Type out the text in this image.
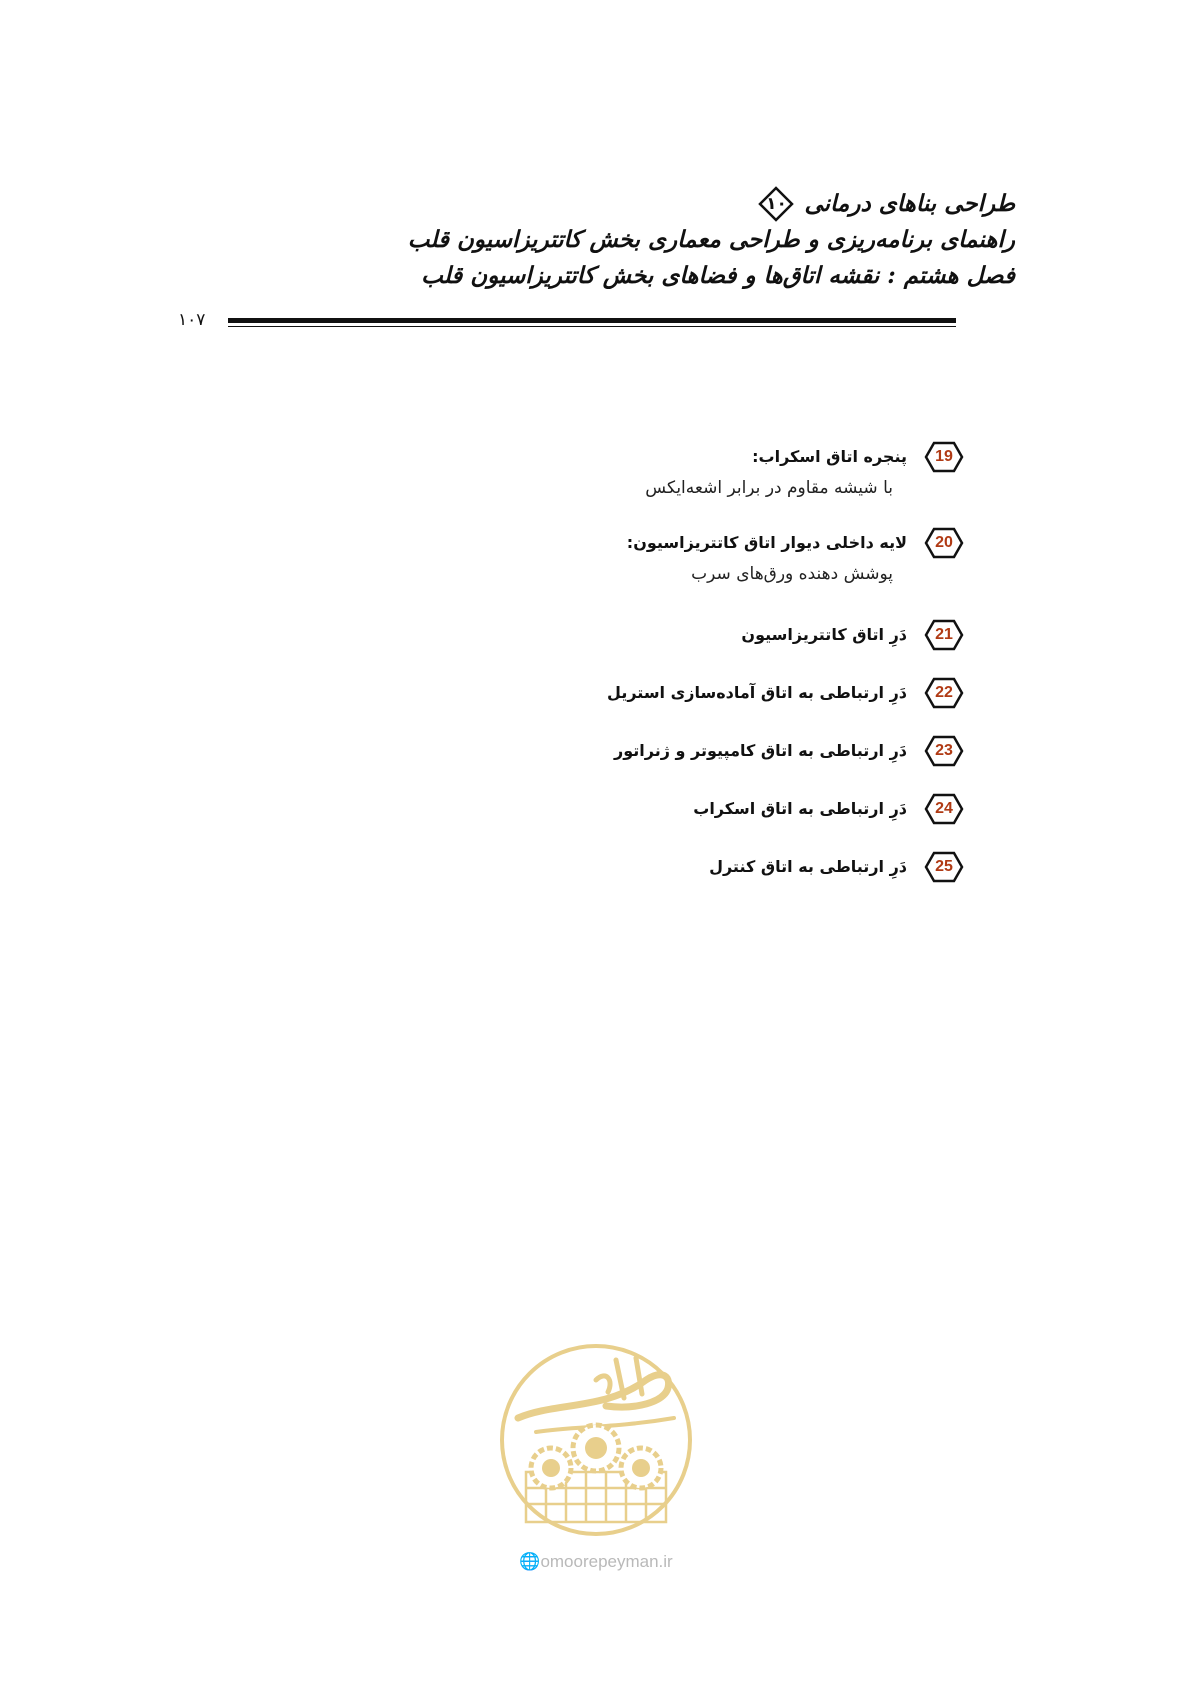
طراحی بناهای درمانی
۱۰
راهنمای برنامه‌ریزی و طراحی معماری بخش کاتتریزاسیون قلب
فصل هشتم : نقشه اتاق‌ها و فضاهای بخش کاتتریزاسیون قلب
۱۰۷
19
پنجره اتاق اسکراب:
با شیشه مقاوم در برابر اشعه‌ایکس
20
لایه داخلی دیوار اتاق کاتتریزاسیون:
پوشش دهنده ورق‌های سرب
21
دَرِ اتاق کاتتریزاسیون
22
دَرِ ارتباطی به اتاق آماده‌سازی استریل
23
دَرِ ارتباطی به اتاق کامپیوتر و ژنراتور
24
دَرِ ارتباطی به اتاق اسکراب
25
دَرِ ارتباطی به اتاق کنترل
🌐omoorepeyman.ir
